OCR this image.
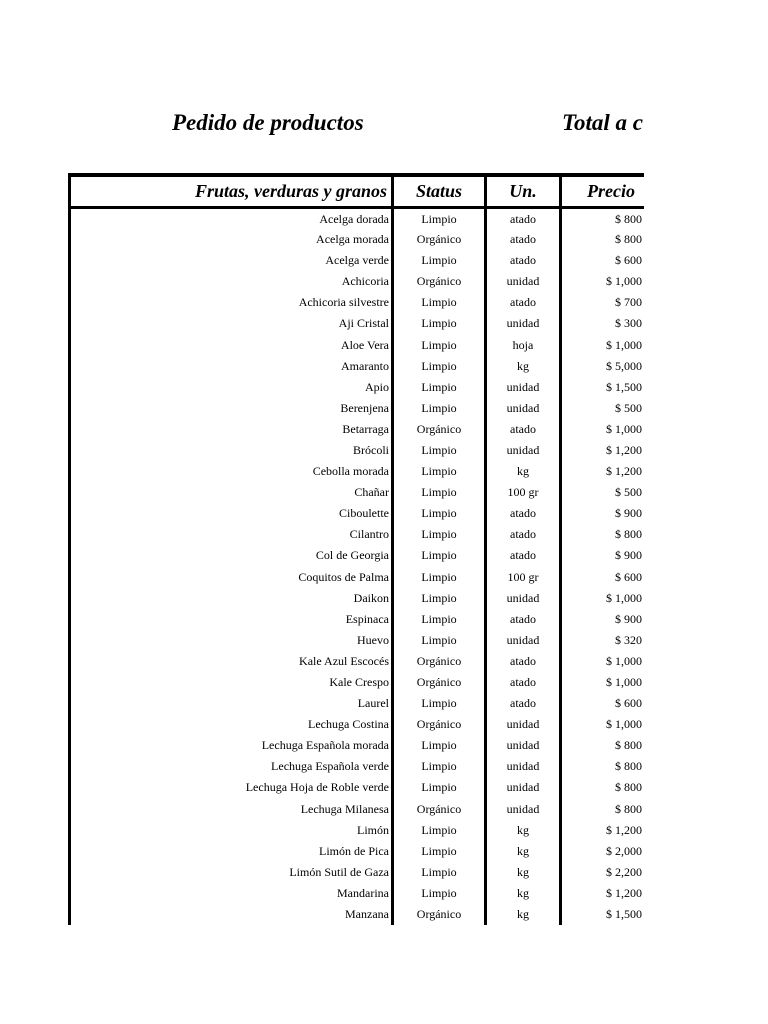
Pedido de productos	Total a c
Frutas, verduras y granos	Status	Un.	Precio
Acelga dorada	Limpio	atado	$ 800
Acelga morada	Orgánico	atado	$ 800
Acelga verde	Limpio	atado	$ 600
Achicoria	Orgánico	unidad	$ 1,000
Achicoria silvestre	Limpio	atado	$ 700
Aji Cristal	Limpio	unidad	$ 300
Aloe Vera	Limpio	hoja	$ 1,000
Amaranto	Limpio	kg	$ 5,000
Apio	Limpio	unidad	$ 1,500
Berenjena	Limpio	unidad	$ 500
Betarraga	Orgánico	atado	$ 1,000
Brócoli	Limpio	unidad	$ 1,200
Cebolla morada	Limpio	kg	$ 1,200
Chañar	Limpio	100 gr	$ 500
Ciboulette	Limpio	atado	$ 900
Cilantro	Limpio	atado	$ 800
Col de Georgia	Limpio	atado	$ 900
Coquitos de Palma	Limpio	100 gr	$ 600
Daikon	Limpio	unidad	$ 1,000
Espinaca	Limpio	atado	$ 900
Huevo	Limpio	unidad	$ 320
Kale Azul Escocés	Orgánico	atado	$ 1,000
Kale Crespo	Orgánico	atado	$ 1,000
Laurel	Limpio	atado	$ 600
Lechuga Costina	Orgánico	unidad	$ 1,000
Lechuga Española morada	Limpio	unidad	$ 800
Lechuga Española verde	Limpio	unidad	$ 800
Lechuga Hoja de Roble verde	Limpio	unidad	$ 800
Lechuga Milanesa	Orgánico	unidad	$ 800
Limón	Limpio	kg	$ 1,200
Limón de Pica	Limpio	kg	$ 2,000
Limón Sutil de Gaza	Limpio	kg	$ 2,200
Mandarina	Limpio	kg	$ 1,200
Manzana	Orgánico	kg	$ 1,500
